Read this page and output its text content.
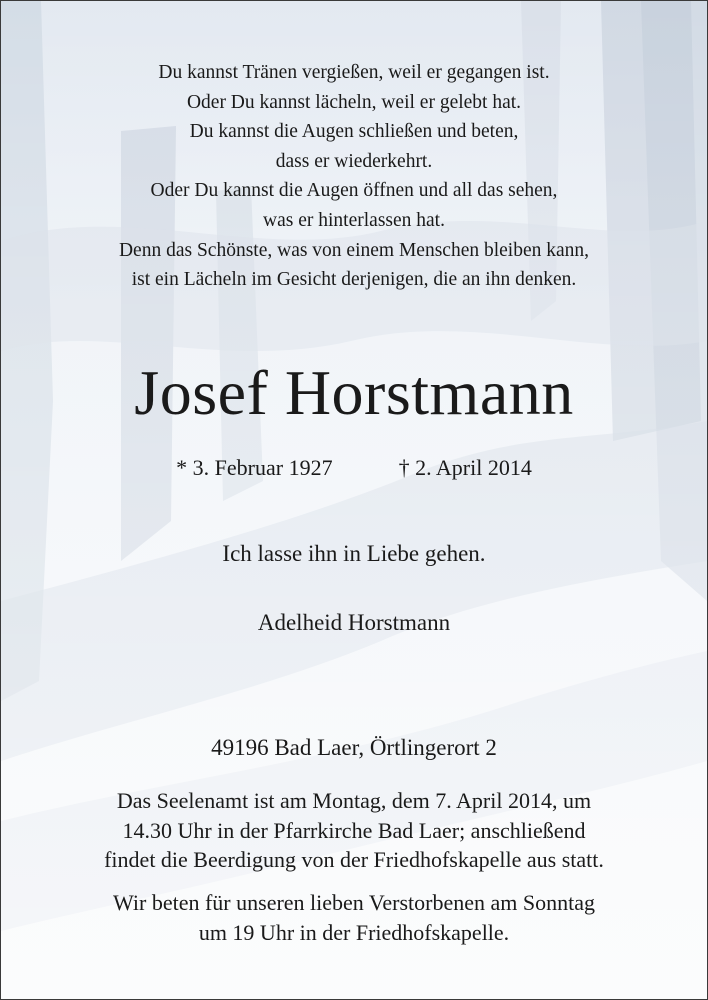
Du kannst Tränen vergießen, weil er gegangen ist.
Oder Du kannst lächeln, weil er gelebt hat.
Du kannst die Augen schließen und beten,
dass er wiederkehrt.
Oder Du kannst die Augen öffnen und all das sehen,
was er hinterlassen hat.
Denn das Schönste, was von einem Menschen bleiben kann,
ist ein Lächeln im Gesicht derjenigen, die an ihn denken.
Josef Horstmann
* 3. Februar 1927	† 2. April 2014
Ich lasse ihn in Liebe gehen.
Adelheid Horstmann
49196 Bad Laer, Örtlingerort 2
Das Seelenamt ist am Montag, dem 7. April 2014, um
14.30 Uhr in der Pfarrkirche Bad Laer; anschließend
findet die Beerdigung von der Friedhofskapelle aus statt.
Wir beten für unseren lieben Verstorbenen am Sonntag
um 19 Uhr in der Friedhofskapelle.
